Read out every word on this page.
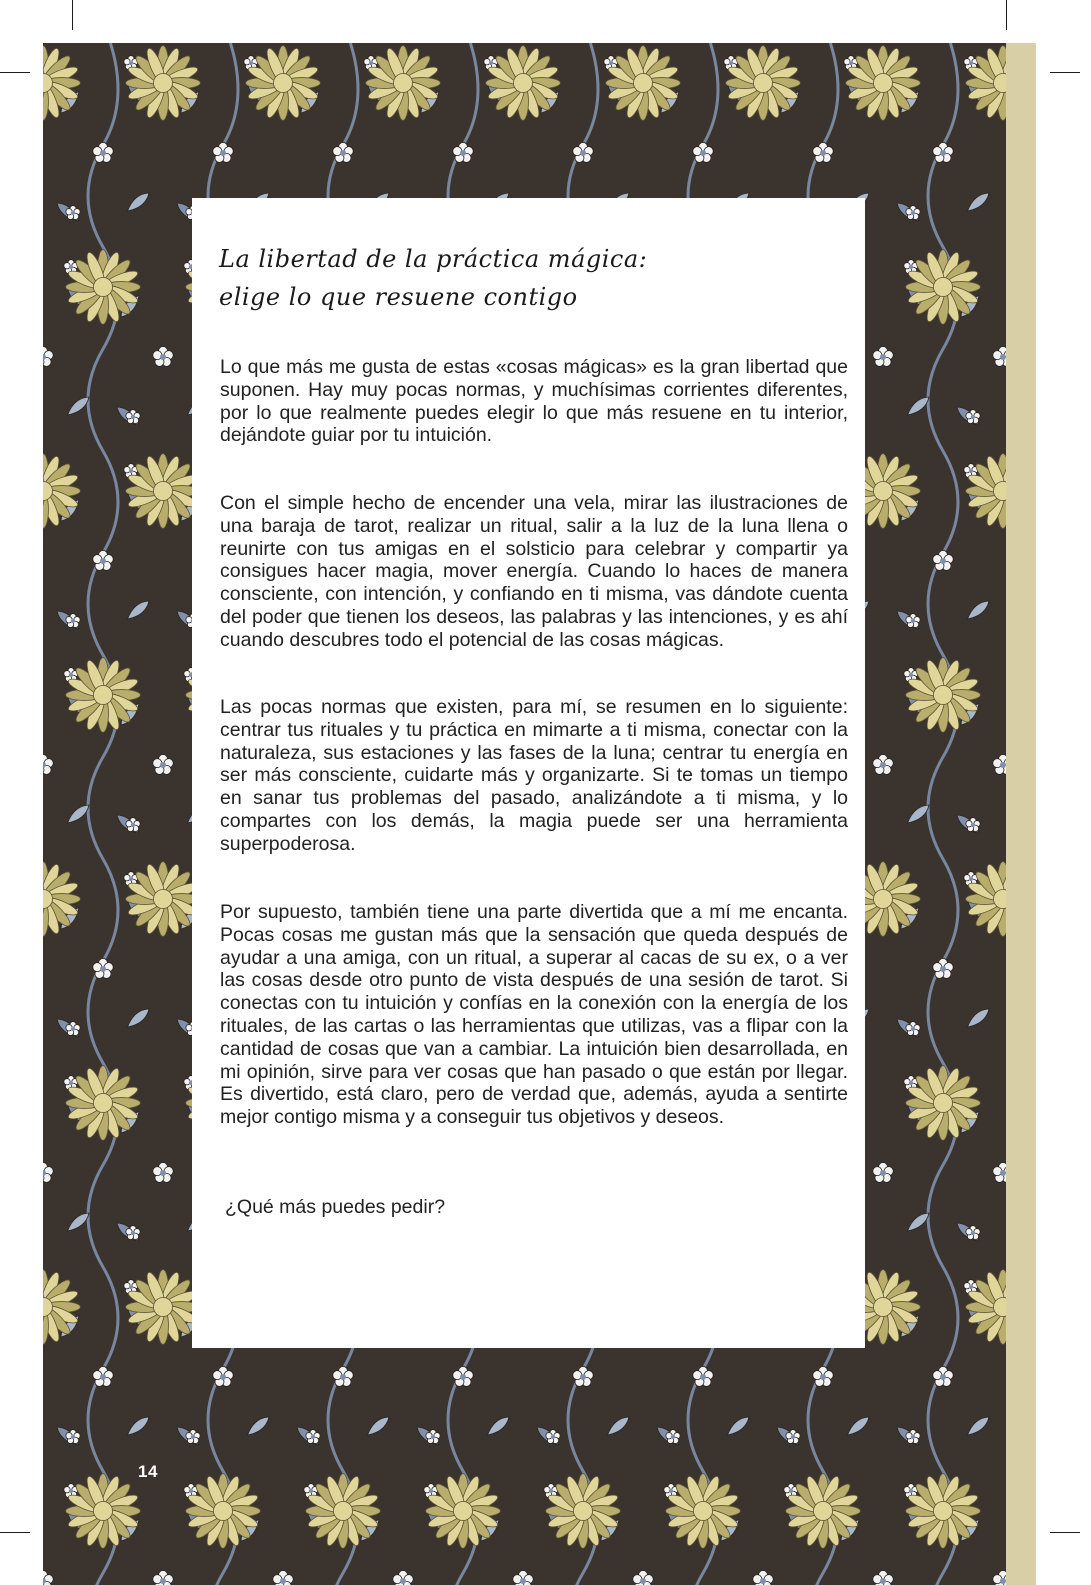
La libertad de la práctica mágica:
elige lo que resuene contigo

Lo que más me gusta de estas «cosas mágicas» es la gran libertad que suponen. Hay muy pocas normas, y muchísimas corrientes diferentes, por lo que realmente puedes elegir lo que más resuene en tu interior, dejándote guiar por tu intuición.

Con el simple hecho de encender una vela, mirar las ilustraciones de una baraja de tarot, realizar un ritual, salir a la luz de la luna llena o reunirte con tus amigas en el solsticio para celebrar y compartir ya consigues hacer magia, mover energía. Cuando lo haces de manera consciente, con intención, y confiando en ti misma, vas dándote cuenta del poder que tienen los deseos, las palabras y las intenciones, y es ahí cuando descubres todo el potencial de las cosas mágicas.

Las pocas normas que existen, para mí, se resumen en lo siguiente: centrar tus rituales y tu práctica en mimarte a ti misma, conectar con la naturaleza, sus estaciones y las fases de la luna; centrar tu energía en ser más consciente, cuidarte más y organizarte. Si te tomas un tiempo en sanar tus problemas del pasado, analizándote a ti misma, y lo compartes con los demás, la magia puede ser una herramienta superpoderosa.

Por supuesto, también tiene una parte divertida que a mí me encanta. Pocas cosas me gustan más que la sensación que queda después de ayudar a una amiga, con un ritual, a superar al cacas de su ex, o a ver las cosas desde otro punto de vista después de una sesión de tarot. Si conectas con tu intuición y confías en la conexión con la energía de los rituales, de las cartas o las herramientas que utilizas, vas a flipar con la cantidad de cosas que van a cambiar. La intuición bien desarrollada, en mi opinión, sirve para ver cosas que han pasado o que están por llegar. Es divertido, está claro, pero de verdad que, además, ayuda a sentirte mejor contigo misma y a conseguir tus objetivos y deseos.

¿Qué más puedes pedir?

14
